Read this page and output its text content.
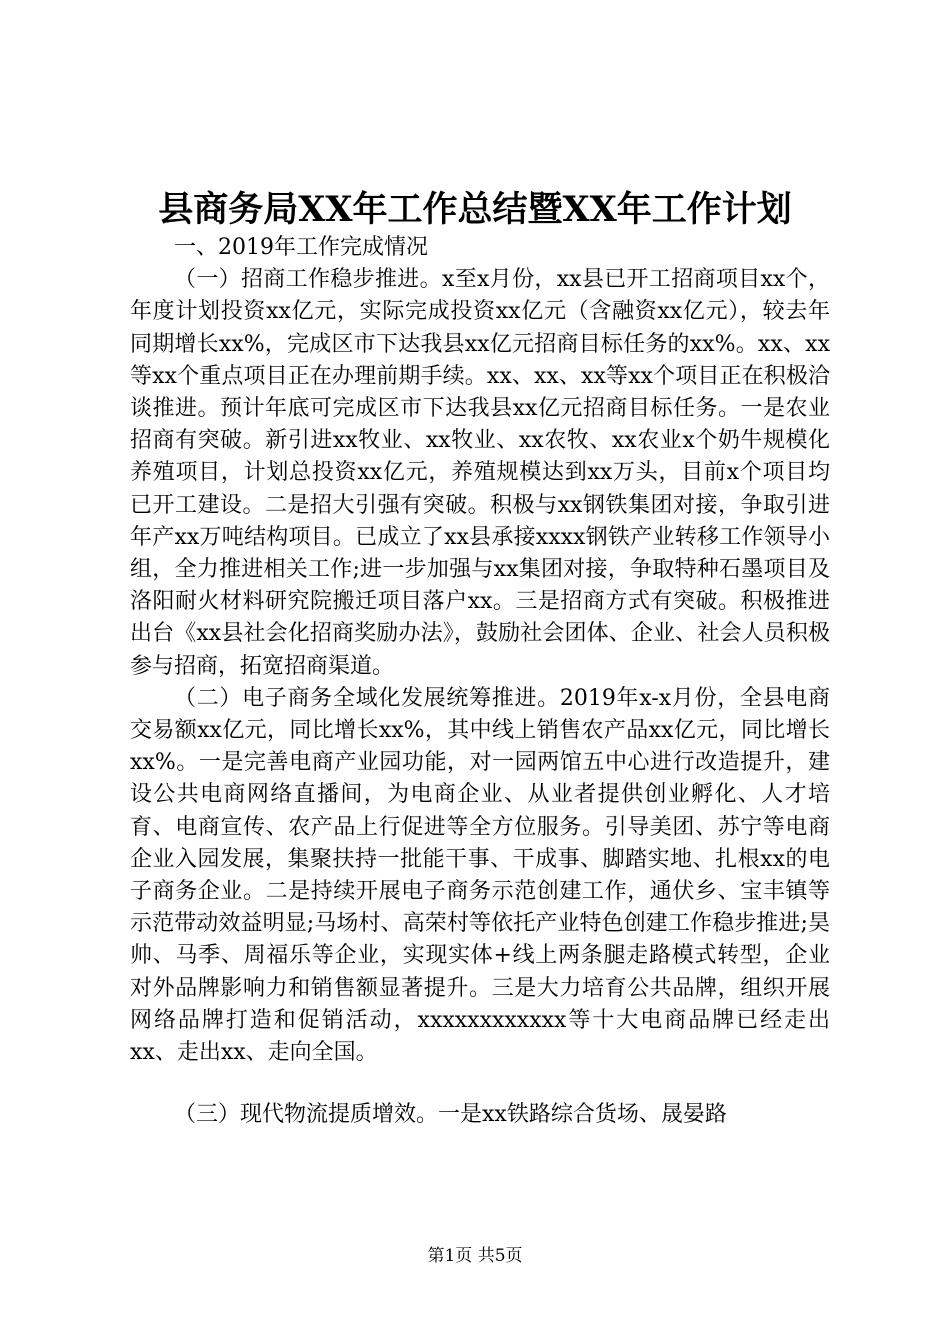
县商务局XX年工作总结暨XX年工作计划

一、2019年工作完成情况

（一）招商工作稳步推进。x至x月份，xx县已开工招商项目xx个，年度计划投资xx亿元，实际完成投资xx亿元（含融资xx亿元），较去年同期增长xx%，完成区市下达我县xx亿元招商目标任务的xx%。xx、xx等xx个重点项目正在办理前期手续。xx、xx、xx等xx个项目正在积极洽谈推进。预计年底可完成区市下达我县xx亿元招商目标任务。一是农业招商有突破。新引进xx牧业、xx牧业、xx农牧、xx农业x个奶牛规模化养殖项目，计划总投资xx亿元，养殖规模达到xx万头，目前x个项目均已开工建设。二是招大引强有突破。积极与xx钢铁集团对接，争取引进年产xx万吨结构项目。已成立了xx县承接xxxx钢铁产业转移工作领导小组，全力推进相关工作;进一步加强与xx集团对接，争取特种石墨项目及洛阳耐火材料研究院搬迁项目落户xx。三是招商方式有突破。积极推进出台《xx县社会化招商奖励办法》，鼓励社会团体、企业、社会人员积极参与招商，拓宽招商渠道。

（二）电子商务全域化发展统筹推进。2019年x-x月份，全县电商交易额xx亿元，同比增长xx%，其中线上销售农产品xx亿元，同比增长xx%。一是完善电商产业园功能，对一园两馆五中心进行改造提升，建设公共电商网络直播间，为电商企业、从业者提供创业孵化、人才培育、电商宣传、农产品上行促进等全方位服务。引导美团、苏宁等电商企业入园发展，集聚扶持一批能干事、干成事、脚踏实地、扎根xx的电子商务企业。二是持续开展电子商务示范创建工作，通伏乡、宝丰镇等示范带动效益明显;马场村、高荣村等依托产业特色创建工作稳步推进;昊帅、马季、周福乐等企业，实现实体+线上两条腿走路模式转型，企业对外品牌影响力和销售额显著提升。三是大力培育公共品牌，组织开展网络品牌打造和促销活动，xxxxxxxxxxxx等十大电商品牌已经走出xx、走出xx、走向全国。

（三）现代物流提质增效。一是xx铁路综合货场、晟晏路

第1页 共5页
